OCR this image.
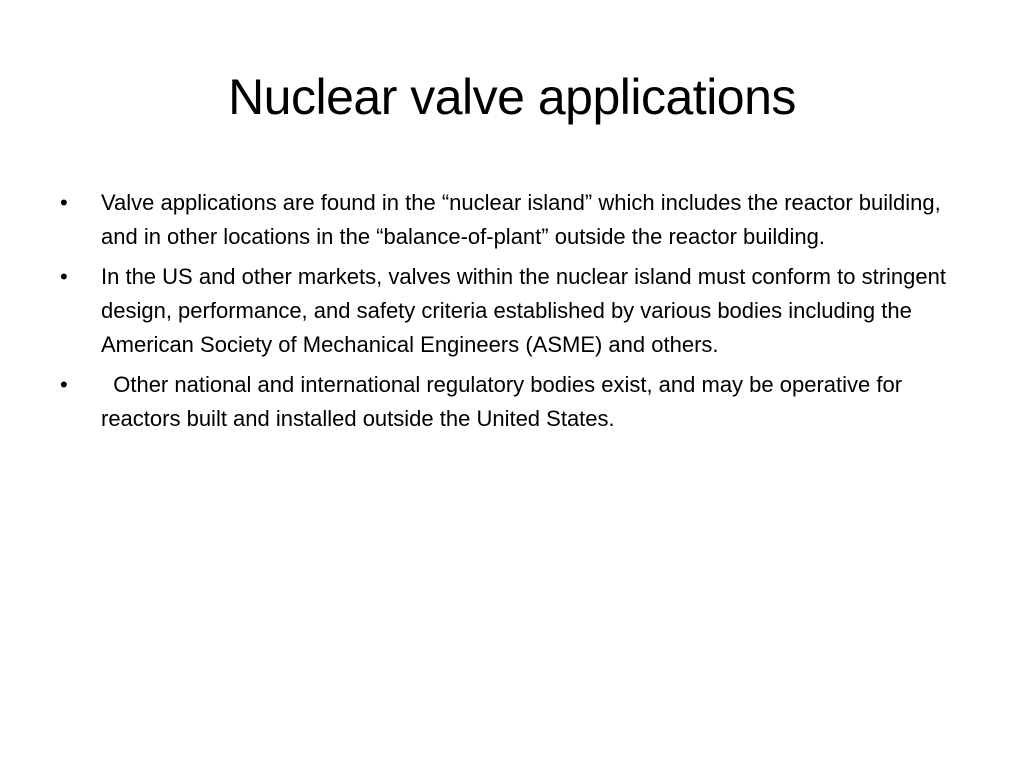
Nuclear valve applications
• Valve applications are found in the “nuclear island” which includes the reactor building, and in other locations in the “balance-of-plant” outside the reactor building.
• In the US and other markets, valves within the nuclear island must conform to stringent design, performance, and safety criteria established by various bodies including the American Society of Mechanical Engineers (ASME) and others.
• Other national and international regulatory bodies exist, and may be operative for reactors built and installed outside the United States.
